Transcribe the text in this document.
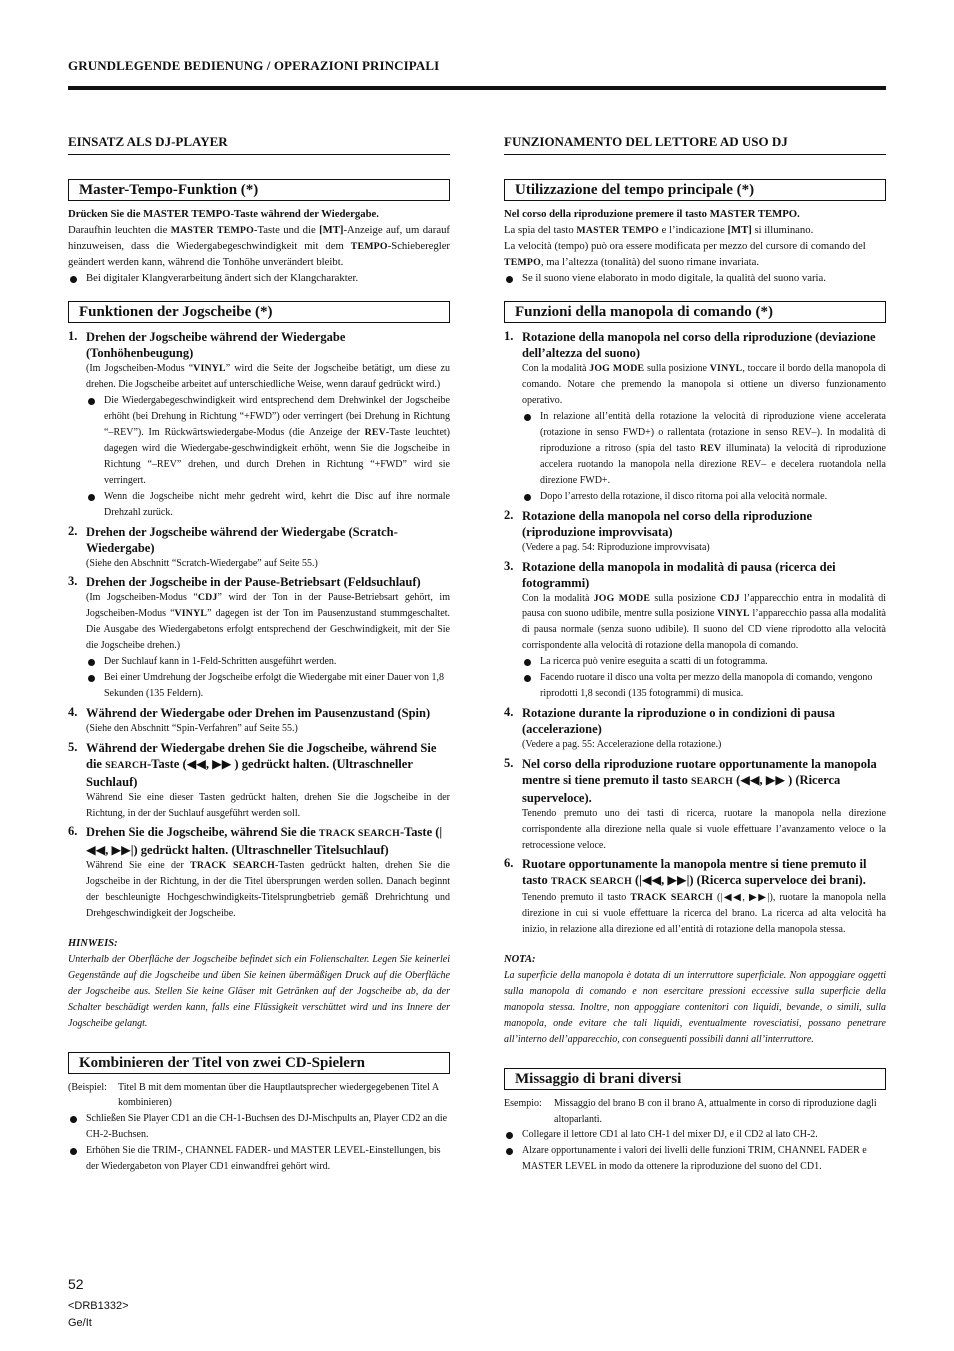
GRUNDLEGENDE BEDIENUNG / OPERAZIONI PRINCIPALI
EINSATZ ALS DJ-PLAYER
Master-Tempo-Funktion (*)

Drücken Sie die MASTER TEMPO-Taste während der Wiedergabe.

Daraufhin leuchten die MASTER TEMPO-Taste und die [MT]-Anzeige auf, um darauf hinzuweisen, dass die Wiedergabegeschwindigkeit mit dem TEMPO-Schieberegler geändert werden kann, während die Tonhöhe unverändert bleibt.

Bei digitaler Klangverarbeitung ändert sich der Klangcharakter.

Funktionen der Jogscheibe (*)
1. Drehen der Jogscheibe während der Wiedergabe (Tonhöhenbeugung)
(Im Jogscheiben-Modus “VINYL” wird die Seite der Jogscheibe betätigt, um diese zu drehen. Die Jogscheibe arbeitet auf unterschiedliche Weise, wenn darauf gedrückt wird.)
Die Wiedergabegeschwindigkeit wird entsprechend dem Drehwinkel der Jogscheibe erhöht (bei Drehung in Richtung “+FWD”) oder verringert (bei Drehung in Richtung “–REV”). Im Rückwärtswiedergabe-Modus (die Anzeige der REV-Taste leuchtet) dagegen wird die Wiedergabe-geschwindigkeit erhöht, wenn Sie die Jogscheibe in Richtung “–REV” drehen, und durch Drehen in Richtung “+FWD” wird sie verringert.
Wenn die Jogscheibe nicht mehr gedreht wird, kehrt die Disc auf ihre normale Drehzahl zurück.
2. Drehen der Jogscheibe während der Wiedergabe (Scratch-Wiedergabe)
(Siehe den Abschnitt “Scratch-Wiedergabe” auf Seite 55.)
3. Drehen der Jogscheibe in der Pause-Betriebsart (Feldsuchlauf)
(Im Jogscheiben-Modus “CDJ” wird der Ton in der Pause-Betriebsart gehört, im Jogscheiben-Modus “VINYL” dagegen ist der Ton im Pausenzustand stummgeschaltet. Die Ausgabe des Wiedergabetons erfolgt entsprechend der Geschwindigkeit, mit der Sie die Jogscheibe drehen.)
Der Suchlauf kann in 1-Feld-Schritten ausgeführt werden.
Bei einer Umdrehung der Jogscheibe erfolgt die Wiedergabe mit einer Dauer von 1,8 Sekunden (135 Feldern).
4. Während der Wiedergabe oder Drehen im Pausenzustand (Spin)
(Siehe den Abschnitt “Spin-Verfahren” auf Seite 55.)
5. Während der Wiedergabe drehen Sie die Jogscheibe, während Sie die SEARCH-Taste (◀◀, ▶▶ ) gedrückt halten. (Ultraschneller Suchlauf)
Während Sie eine dieser Tasten gedrückt halten, drehen Sie die Jogscheibe in der Richtung, in der der Suchlauf ausgeführt werden soll.
6. Drehen Sie die Jogscheibe, während Sie die TRACK SEARCH-Taste (|◀◀, ▶▶|) gedrückt halten. (Ultraschneller Titelsuchlauf)
Während Sie eine der TRACK SEARCH-Tasten gedrückt halten, drehen Sie die Jogscheibe in der Richtung, in der die Titel übersprungen werden sollen. Danach beginnt der beschleunigte Hochgeschwindigkeits-Titelsprungbetrieb gemäß Drehrichtung und Drehgeschwindigkeit der Jogscheibe.
HINWEIS:

Unterhalb der Oberfläche der Jogscheibe befindet sich ein Folienschalter. Legen Sie keinerlei Gegenstände auf die Jogscheibe und üben Sie keinen übermäßigen Druck auf die Oberfläche der Jogscheibe aus. Stellen Sie keine Gläser mit Getränken auf der Jogscheibe ab, da der Schalter beschädigt werden kann, falls eine Flüssigkeit verschüttet wird und ins Innere der Jogscheibe gelangt.

Kombinieren der Titel von zwei CD-Spielern
(Beispiel: Titel B mit dem momentan über die Hauptlautsprecher wiedergegebenen Titel A kombinieren)

Schließen Sie Player CD1 an die CH-1-Buchsen des DJ-Mischpults an, Player CD2 an die CH-2-Buchsen.

Erhöhen Sie die TRIM-, CHANNEL FADER- und MASTER LEVEL-Einstellungen, bis der Wiedergabeton von Player CD1 einwandfrei gehört wird.

FUNZIONAMENTO DEL LETTORE AD USO DJ
Utilizzazione del tempo principale (*)

Nel corso della riproduzione premere il tasto MASTER TEMPO.

La spia del tasto MASTER TEMPO e l’indicazione [MT] si illuminano.

La velocità (tempo) può ora essere modificata per mezzo del cursore di comando del TEMPO, ma l’altezza (tonalità) del suono rimane invariata.

Se il suono viene elaborato in modo digitale, la qualità del suono varia.

Funzioni della manopola di comando (*)
1. Rotazione della manopola nel corso della riproduzione (deviazione dell’altezza del suono)
Con la modalità JOG MODE sulla posizione VINYL, toccare il bordo della manopola di comando. Notare che premendo la manopola si ottiene un diverso funzionamento operativo.
In relazione all’entità della rotazione la velocità di riproduzione viene accelerata (rotazione in senso FWD+) o rallentata (rotazione in senso REV–). In modalità di riproduzione a ritroso (spia del tasto REV illuminata) la velocità di riproduzione accelera ruotando la manopola nella direzione REV– e decelera ruotandola nella direzione FWD+.
Dopo l’arresto della rotazione, il disco ritorna poi alla velocità normale.
2. Rotazione della manopola nel corso della riproduzione (riproduzione improvvisata)
(Vedere a pag. 54: Riproduzione improvvisata)
3. Rotazione della manopola in modalità di pausa (ricerca dei fotogrammi)
Con la modalità JOG MODE sulla posizione CDJ l’apparecchio entra in modalità di pausa con suono udibile, mentre sulla posizione VINYL l’apparecchio passa alla modalità di pausa normale (senza suono udibile). Il suono del CD viene riprodotto alla velocità corrispondente alla velocità di rotazione della manopola di comando.
La ricerca può venire eseguita a scatti di un fotogramma.
Facendo ruotare il disco una volta per mezzo della manopola di comando, vengono riprodotti 1,8 secondi (135 fotogrammi) di musica.
4. Rotazione durante la riproduzione o in condizioni di pausa (accelerazione)
(Vedere a pag. 55: Accelerazione della rotazione.)
5. Nel corso della riproduzione ruotare opportunamente la manopola mentre si tiene premuto il tasto SEARCH (◀◀, ▶▶ ) (Ricerca superveloce).
Tenendo premuto uno dei tasti di ricerca, ruotare la manopola nella direzione corrispondente alla direzione nella quale si vuole effettuare l’avanzamento veloce o la retrocessione veloce.
6. Ruotare opportunamente la manopola mentre si tiene premuto il tasto TRACK SEARCH (|◀◀, ▶▶|) (Ricerca superveloce dei brani).
Tenendo premuto il tasto TRACK SEARCH (|◀◀, ▶▶|), ruotare la manopola nella direzione in cui si vuole effettuare la ricerca del brano. La ricerca ad alta velocità ha inizio, in relazione alla direzione ed all’entità di rotazione della manopola stessa.
NOTA:

La superficie della manopola è dotata di un interruttore superficiale. Non appoggiare oggetti sulla manopola di comando e non esercitare pressioni eccessive sulla superficie della manopola stessa. Inoltre, non appoggiare contenitori con liquidi, bevande, o simili, sulla manopola, onde evitare che tali liquidi, eventualmente rovesciatisi, possano penetrare all’interno dell’apparecchio, con conseguenti possibili danni all’interruttore.

Missaggio di brani diversi
Esempio: Missaggio del brano B con il brano A, attualmente in corso di riproduzione dagli altoparlanti.

Collegare il lettore CD1 al lato CH-1 del mixer DJ, e il CD2 al lato CH-2.

Alzare opportunamente i valori dei livelli delle funzioni TRIM, CHANNEL FADER e MASTER LEVEL in modo da ottenere la riproduzione del suono del CD1.

52
<DRB1332>
Ge/It
